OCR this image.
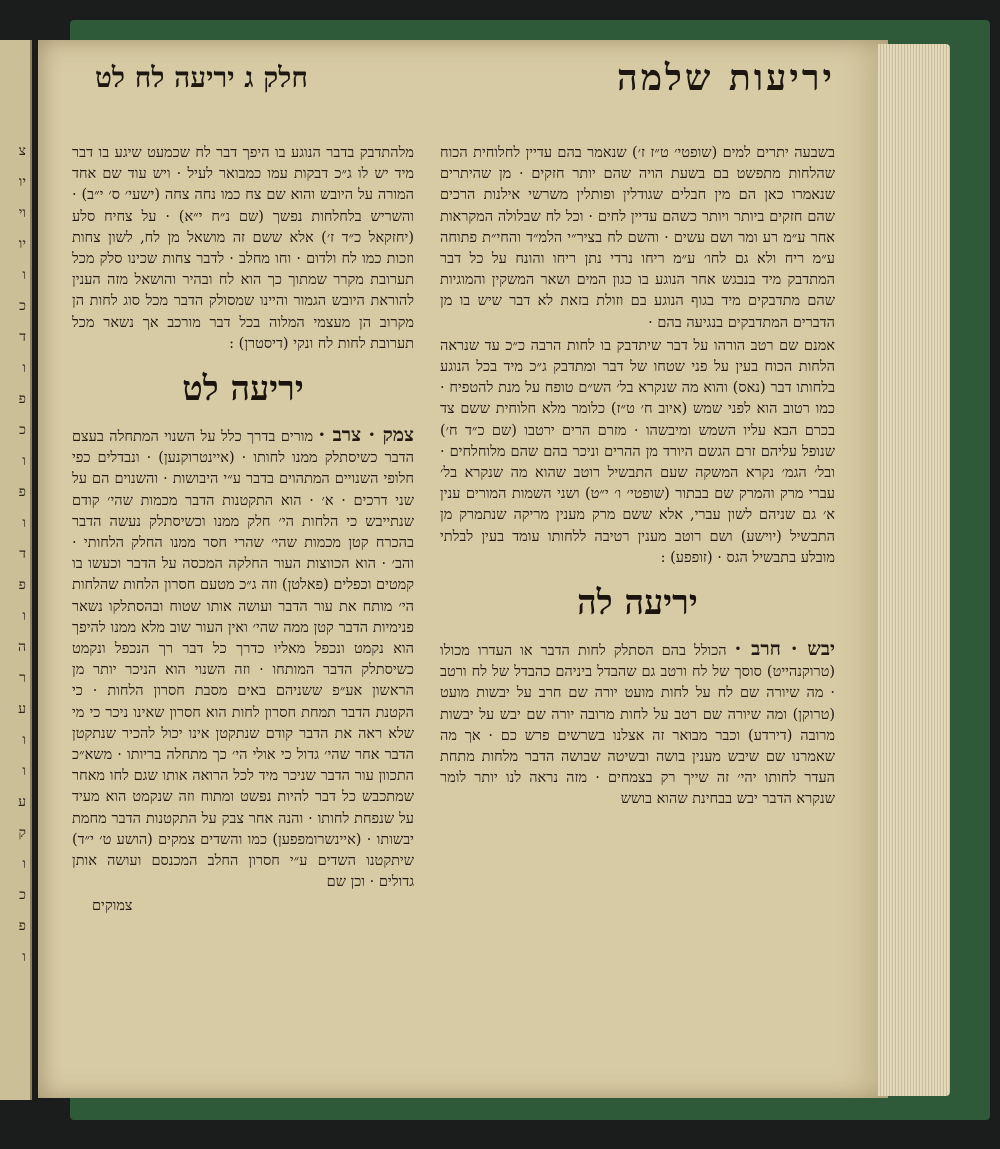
צ
יו
וי
יו
ו
כ
ד
ו
פ
כ
ו
פ
ו
ד
פ
ו
ה
ר
ע
ו
ו
ע
ק
ו
כ
פ
ו
יריעות שלמה
חלק ג יריעה לח לט

בשבעה יתרים למים (שופטי׳ ט״ז ז׳) שנאמר בהם עדיין לחלוחית הכוח שהלחות מתפשט בם בשעת הויה שהם יותר חזקים · מן שהיתרים שנאמרו כאן הם מין חבלים שגודלין ופותלין משרשי אילנות הרכים שהם חזקים ביותר ויותר כשהם עדיין לחים · וכל לח שבלולה המקראות אחר ע״מ רע ומר ושם עשים · והשם לח בציר״י הלמ״ד והחי״ת פתוחה ע״מ ריח ולא גם לחו׳ ע״מ ריחו נרדי נתן ריחו והונח על כל דבר המתדבק מיד בנבגש אחר הנוגע בו כגון המים ושאר המשקין והמוגיות שהם מתדבקים מיד בגוף הנוגע בם וזולת בזאת לא דבר שיש בו מן הדברים המתדבקים בנגיעה בהם ·

אמנם שם רטב הורהו על דבר שיתדבק בו לחות הרבה כ״כ עד שנראה הלחות הכוח בעין על פני שטחו של דבר ומתדבק ג״כ מיד בכל הנוגע בלחותו דבר (נאס) והוא מה שנקרא בל׳ הש״ם טופח על מנת להטפיח · כמו רטוב הוא לפני שמש (איוב ח׳ ט״ז) כלומר מלא חלוחית ששם צד בכרם הבא עליו השמש ומיבשהו · מזרם הרים ירטבו (שם כ״ד ח׳) שנופל עליהם זרם הגשם היורד מן ההרים וניכר בהם שהם מלוחלחים · ובל׳ הגמ׳ נקרא המשקה שעם התבשיל רוטב שהוא מה שנקרא בל׳ עברי מרק והמרק שם בבתור (שופטי׳ ו׳ י״ט) ושני השמות המורים ענין א׳ גם שניהם לשון עברי, אלא ששם מרק מענין מריקה שנתמרק מן התבשיל (יוישע) ושם רוטב מענין רטיבה ללחותו עומד בעין לבלתי מובלע בתבשיל הגס · (זופפע) :

יריעה לה

יבש · חרב · הכולל בהם הסתלק לחות הדבר או העדרו מכולו (טרוקנהייט) סוסך של לח ורטב גם שהבדל ביניהם כהבדל של לח ורטב · מה שיורה שם לח על לחות מועט יורה שם חרב על יבשות מועט (טרוקן) ומה שיורה שם רטב על לחות מרובה יורה שם יבש על יבשות מרובה (דירדע) וכבר מבואר זה אצלנו בשרשים פרש כם · אך מה שאמרנו שם שיבש מענין בושה ובשיטה שבושה הדבר מלחות מתחת העדר לחותו יהי׳ זה שייך רק בצמחים · מזה נראה לנו יותר לומר שנקרא הדבר יבש בבחינת שהוא בושש

מלהתדבק בדבר הנוגע בו היפך דבר לח שכמעט שיגע בו דבר מיד יש לו ג״כ דבקות עמו כמבואר לעיל · ויש עוד שם אחד המורה על היובש והוא שם צח כמו נחה צחה (ישעי׳ ס׳ י״ב) · והשריש בלחלחות נפשך (שם נ״ח י״א) · על צחיח סלע (יחזקאל כ״ד ז׳) אלא ששם זה מושאל מן לח, לשון צחות וזכות כמו לח ולדום · וחו מחלב · לדבר צחות שכינו סלק מכל תערובת מקרר שמתוך כך הוא לח ובהיר והושאל מזה הענין להוראת היובש הגמור והיינו שמסולק הדבר מכל סוג לחות הן מקרוב הן מעצמי המלוה בכל דבר מורכב אך נשאר מכל תערובת לחות לח ונקי (דיסטרן) :

יריעה לט

צמק · צרב · מורים בדרך כלל על השנוי המתחלה בעצם הדבר כשיסתלק ממנו לחותו · (איינטרוקנען) · ונבדלים כפי חלופי השנויים המתהוים בדבר ע״י היבושות · והשנוים הם על שני דרכים · א׳ · הוא התקטנות הדבר מכמות שהי׳ קודם שנתייבש כי הלחות הי׳ חלק ממנו וכשיסתלק נעשה הדבר בהכרח קטן מכמות שהי׳ שהרי חסר ממנו החלק הלחותי · והב׳ · הוא הכווצות העור החלקה המכסה על הדבר וכעשו בו קמטים וכפלים (פאלטן) וזה ג״כ מטעם חסרון הלחות שהלחות הי׳ מותח את עור הדבר ועושה אותו שטוח ובהסתלקו נשאר פנימיות הדבר קטן ממה שהי׳ ואין העור שוב מלא ממנו להיפך הוא נקמט ונכפל מאליו כדרך כל דבר רך הנכפל ונקמט כשיסתלק הדבר המותחו · וזה השנוי הוא הניכר יותר מן הראשון אע״פ ששניהם באים מסבת חסרון הלחות · כי הקטנת הדבר תמחת חסרון לחות הוא חסרון שאינו ניכר כי מי שלא ראה את הדבר קודם שנתקטן אינו יכול להכיר שנתקטן הדבר אחר שהי׳ גדול כי אולי הי׳ כך מתחלה בריותו · משא״כ התכוון עור הדבר שניכר מיד לכל הרואה אותו שגם לחו מאחר שמתכבש כל דבר להיות נפשט ומתוח וזה שנקמט הוא מעיד על שנפחת לחותו · והנה אחר צבק על התקטנות הדבר מחמת יבשותו · (איינשרומפפען) כמו והשדים צמקים (הושע ט׳ י״ד) שיתקטנו השדים ע״י חסרון החלב המכנסם ועושה אותן גדולים · וכן שם

צמוקים
